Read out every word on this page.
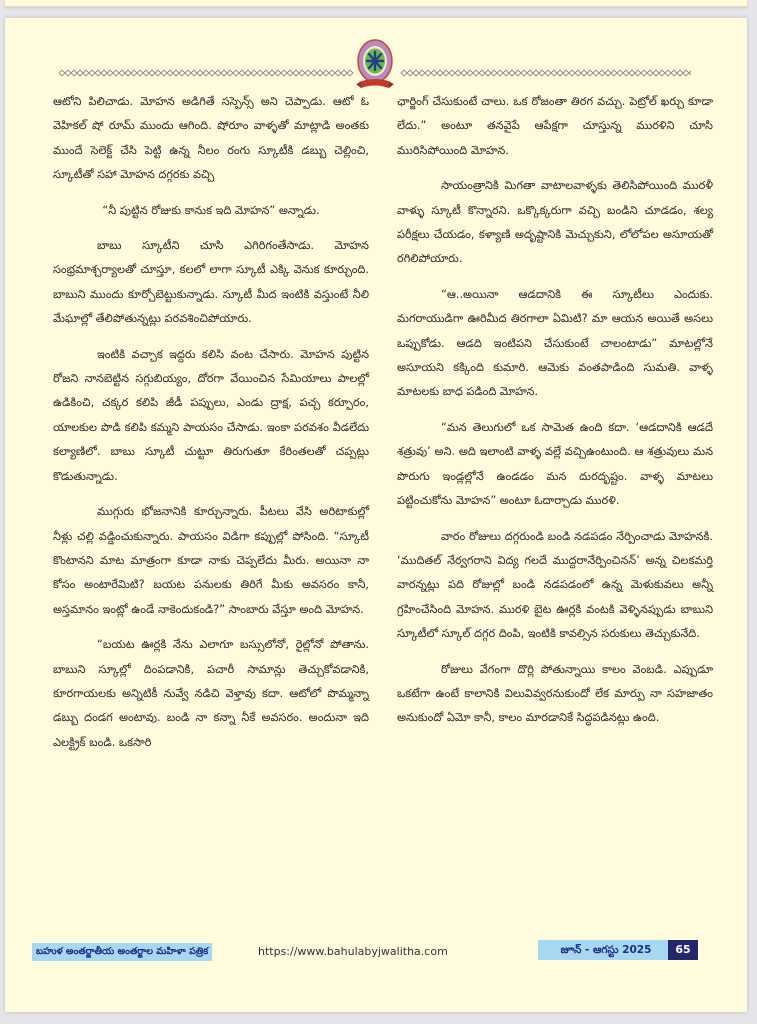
ఆటోని పిలిచాడు. మోహన అడిగితే సస్పెన్స్ అని చెప్పాడు. ఆటో ఓ వెహికల్ షో రూమ్ ముందు ఆగింది. షోరూం వాళ్ళతో మాట్లాడి అంతకు ముందే సెలెక్ట్ చేసి పెట్టి ఉన్న నీలం రంగు స్కూటీకి డబ్బు చెల్లించి, స్కూటీతో సహా మోహన దగ్గరకు వచ్చి

“నీ పుట్టిన రోజుకు కానుక ఇది మోహన” అన్నాడు.

బాబు స్కూటీని చూసి ఎగిరిగంతేసాడు. మోహన సంభ్రమాశ్చర్యాలతో చూస్తూ, కలలో లాగా స్కూటీ ఎక్కి వెనుక కూర్చుంది. బాబుని ముందు కూర్చోబెట్టుకున్నాడు. స్కూటీ మీద ఇంటికి వస్తుంటే నీలి మేఘాల్లో తేలిపోతున్నట్లు పరవశించిపోయారు.

ఇంటికి వచ్చాక ఇద్దరు కలిసి వంట చేసారు. మోహన పుట్టిన రోజని నానబెట్టిన సగ్గుబియ్యం, దోరగా వేయించిన సేమియాలు పాలల్లో ఉడికించి, చక్కర కలిపి జీడీ పప్పులు, ఎండు ద్రాక్ష, పచ్చ కర్పూరం, యాలకుల పొడి కలిపి కమ్మని పాయసం చేసాడు. ఇంకా పరవశం వీడలేదు కల్యాణిలో. బాబు స్కూటీ చుట్టూ తిరుగుతూ కేరింతలతో చప్పట్లు కొడుతున్నాడు.

ముగ్గురు భోజనానికి కూర్చున్నారు. పీటలు వేసి అరిటాకుల్లో నీళ్లు చల్లి వడ్డించుకున్నారు. పాయసం విడిగా కప్పుల్లో పోసింది. “స్కూటీ కొంటానని మాట మాత్రంగా కూడా నాకు చెప్పలేదు మీరు. అయినా నా కోసం అంటారేమిటి? బయట పనులకు తిరిగే మీకు అవసరం కానీ, అస్తమానం ఇంట్లో ఉండే నాకెందుకండి?” సాంబారు వేస్తూ అంది మోహన.

“బయట ఊర్లకి నేను ఎలాగూ బస్సులోనో, రైల్లోనో పోతాను. బాబుని స్కూల్లో దింపడానికి, పచారీ సామాన్లు తెచ్చుకోవడానికి, కూరగాయలకు అన్నిటికీ నువ్వే నడిచి వెళ్తావు కదా. ఆటోలో పొమ్మన్నా డబ్బు దండగ అంటావు. బండి నా కన్నా నీకే అవసరం. అందునా ఇది ఎలక్ట్రిక్ బండి. ఒకసారి

ఛార్జింగ్ చేసుకుంటే చాలు. ఒక రోజంతా తిరగ వచ్చు. పెట్రోల్ ఖర్చు కూడా లేదు.” అంటూ తనవైపే ఆపేక్షగా చూస్తున్న మురళిని చూసి మురిసిపోయింది మోహన.

సాయంత్రానికి మిగతా వాటాలవాళ్ళకు తెలిసిపోయింది మురళీ వాళ్ళు స్కూటీ కొన్నారని. ఒక్కొక్కరుగా వచ్చి బండిని చూడడం, శల్య పరీక్షలు చేయడం, కళ్యాణి అదృష్టానికి మెచ్చుకుని, లోలోపల అసూయతో రగిలిపోయారు.

“ఆ..అయినా ఆడదానికి ఈ స్కూటీలు ఎందుకు. మగరాయుడిగా ఊరిమీద తిరగాలా ఏమిటి? మా ఆయన అయితే అసలు ఒప్పుకోడు. ఆడది ఇంటిపని చేసుకుంటే చాలంటాడు” మాటల్లోనే అసూయని కక్కింది కుమారి. ఆమెకు వంతపాడింది సుమతి. వాళ్ళ మాటలకు బాధ పడింది మోహన.

“మన తెలుగులో ఒక సామెత ఉంది కదా. ‘ఆడదానికి ఆడదే శత్రువు’ అని. అది ఇలాంటి వాళ్ళ వల్లే వచ్చిఉంటుంది. ఆ శత్రువులు మన పొరుగు ఇండ్లల్లోనే ఉండడం మన దురదృష్టం. వాళ్ళ మాటలు పట్టించుకోను మోహన” అంటూ ఓదార్చాడు మురళి.

వారం రోజులు దగ్గరుండి బండి నడపడం నేర్పించాడు మోహనకి. ‘ముదితల్ నేర్వగరాని విద్య గలదే ముద్దరానేర్పించినన్’ అన్న చిలకమర్తి వారన్నట్లు పది రోజుల్లో బండి నడపడంలో ఉన్న మెళుకువలు అన్నీ గ్రహించేసింది మోహన. మురళి బైట ఊర్లకి వంటకి వెళ్ళినప్పుడు బాబుని స్కూటీలో స్కూల్ దగ్గర దింపి, ఇంటికి కావల్సిన సరుకులు తెచ్చుకునేది.

రోజులు వేగంగా దొర్లి పోతున్నాయి కాలం వెంబడి. ఎప్పుడూ ఒకటేగా ఉంటే కాలానికి విలువివ్వరనుకుందో లేక మార్పు నా సహజాతం అనుకుందో ఏమో కానీ, కాలం మారడానికే సిద్ధపడినట్లు ఉంది.

బహుళ అంతర్జాతీయ అంతర్జాల మహిళా పత్రిక	https://www.bahulabyjwalitha.com	జూన్ - ఆగస్టు 2025	65
